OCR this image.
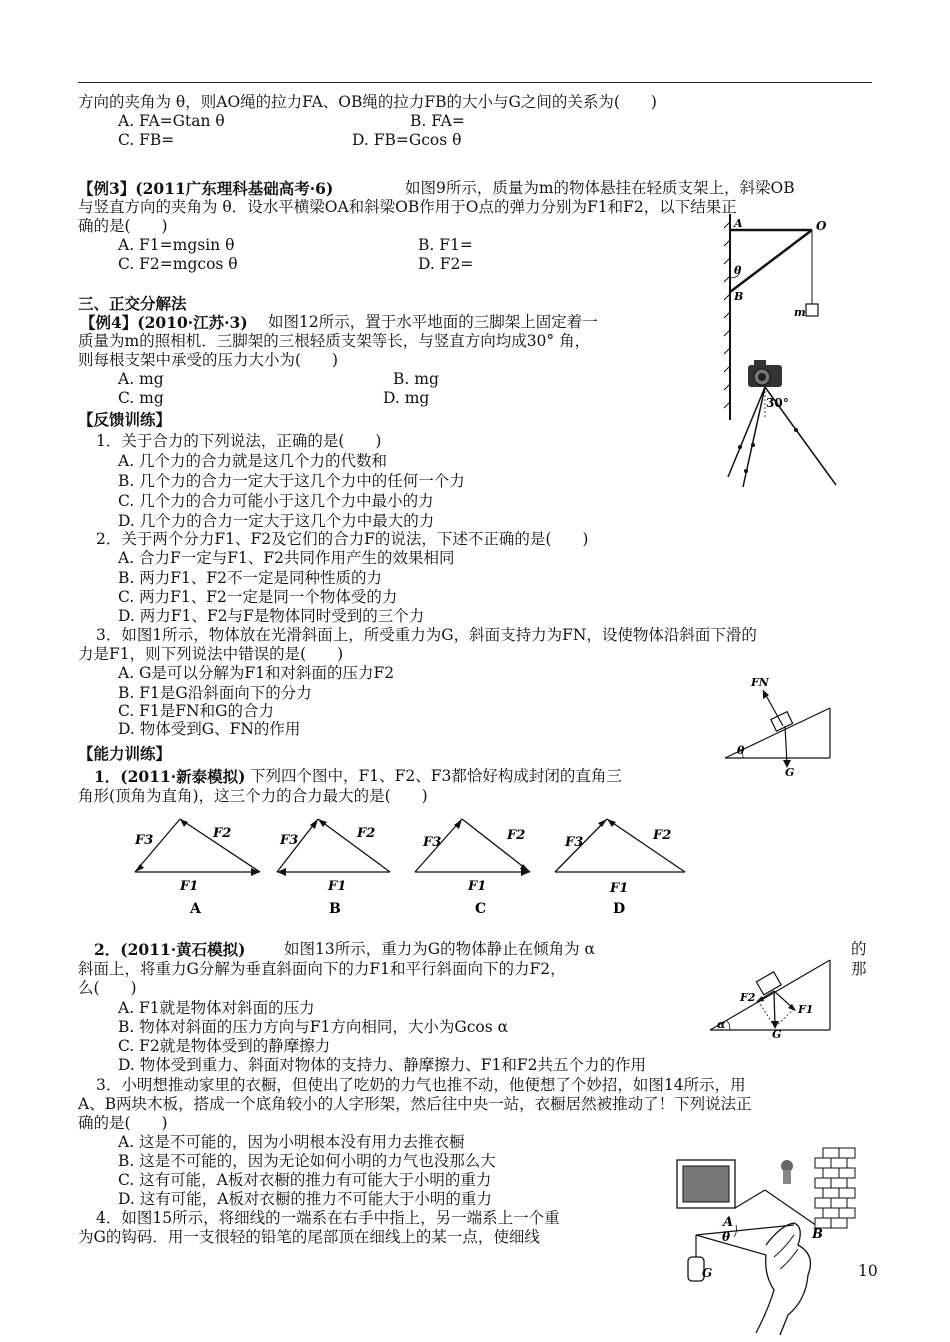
方向的夹角为 θ，则AO绳的拉力FA、OB绳的拉力FB的大小与G之间的关系为(　　)
A. FA=Gtan θ	B. FA=
C. FB=	D. FB=Gcos θ
【例3】(2011广东理科基础高考·6)	如图9所示，质量为m的物体悬挂在轻质支架上，斜梁OB
与竖直方向的夹角为 θ．设水平横梁OA和斜梁OB作用于O点的弹力分别为F1和F2，以下结果正
确的是(　　)
A. F1=mgsin θ	B. F1=
C. F2=mgcos θ	D. F2=
三、正交分解法
【例4】(2010·江苏·3) 如图12所示，置于水平地面的三脚架上固定着一
质量为m的照相机．三脚架的三根轻质支架等长，与竖直方向均成30° 角，
则每根支架中承受的压力大小为(　　)
A. mg	B. mg
C. mg	D. mg
【反馈训练】
1．关于合力的下列说法，正确的是(　　)
A. 几个力的合力就是这几个力的代数和
B. 几个力的合力一定大于这几个力中的任何一个力
C. 几个力的合力可能小于这几个力中最小的力
D. 几个力的合力一定大于这几个力中最大的力
2．关于两个分力F1、F2及它们的合力F的说法，下述不正确的是(　　)
A. 合力F一定与F1、F2共同作用产生的效果相同
B. 两力F1、F2不一定是同种性质的力
C. 两力F1、F2一定是同一个物体受的力
D. 两力F1、F2与F是物体同时受到的三个力
3．如图1所示，物体放在光滑斜面上，所受重力为G，斜面支持力为FN，设使物体沿斜面下滑的
力是F1，则下列说法中错误的是(　　)
A. G是可以分解为F1和对斜面的压力F2
B. F1是G沿斜面向下的分力
C. F1是FN和G的合力
D. 物体受到G、FN的作用
【能力训练】
1．(2011·新泰模拟) 下列四个图中，F1、F2、F3都恰好构成封闭的直角三
角形(顶角为直角)，这三个力的合力最大的是(　　)
2．(2011·黄石模拟) 如图13所示，重力为G的物体静止在倾角为 α	的
斜面上，将重力G分解为垂直斜面向下的力F1和平行斜面向下的力F2，	那
么(　　)
A. F1就是物体对斜面的压力
B. 物体对斜面的压力方向与F1方向相同，大小为Gcos α
C. F2就是物体受到的静摩擦力
D. 物体受到重力、斜面对物体的支持力、静摩擦力、F1和F2共五个力的作用
3．小明想推动家里的衣橱，但使出了吃奶的力气也推不动，他便想了个妙招，如图14所示，用
A、B两块木板，搭成一个底角较小的人字形架，然后往中央一站，衣橱居然被推动了！下列说法正
确的是(　　)
A. 这是不可能的，因为小明根本没有用力去推衣橱
B. 这是不可能的，因为无论如何小明的力气也没那么大
C. 这有可能，A板对衣橱的推力有可能大于小明的重力
D. 这有可能，A板对衣橱的推力不可能大于小明的重力
4．如图15所示，将细线的一端系在右手中指上，另一端系上一个重
为G的钩码．用一支很轻的铅笔的尾部顶在细线上的某一点，使细线
10
A	O
θ
B
m
30°
FN
θ
G
F3	F2
F1
A
F3	F2
F1
B
F3	F2
F1
C
F3	F2
F1
D
F2
F1
α
G
A
B
θ
G
